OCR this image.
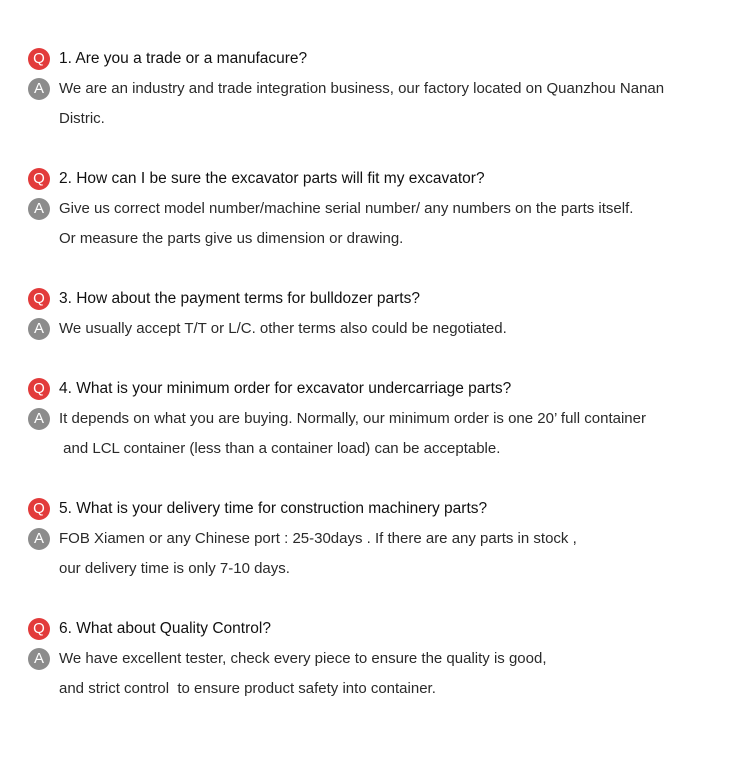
Q 1. Are you a trade or a manufacure?
A	We are an industry and trade integration business, our factory located on Quanzhou Nanan
Distric.
Q 2. How can I be sure the excavator parts will fit my excavator?
A	Give us correct model number/machine serial number/ any numbers on the parts itself.
Or measure the parts give us dimension or drawing.
Q 3. How about the payment terms for bulldozer parts?
A	We usually accept T/T or L/C. other terms also could be negotiated.
Q 4. What is your minimum order for excavator undercarriage parts?
A	It depends on what you are buying. Normally, our minimum order is one 20’ full container
and LCL container (less than a container load) can be acceptable.
Q 5. What is your delivery time for construction machinery parts?
A	FOB Xiamen or any Chinese port : 25-30days . If there are any parts in stock ,
our delivery time is only 7-10 days.
Q 6. What about Quality Control?
A	We have excellent tester, check every piece to ensure the quality is good,
and strict control  to ensure product safety into container.
